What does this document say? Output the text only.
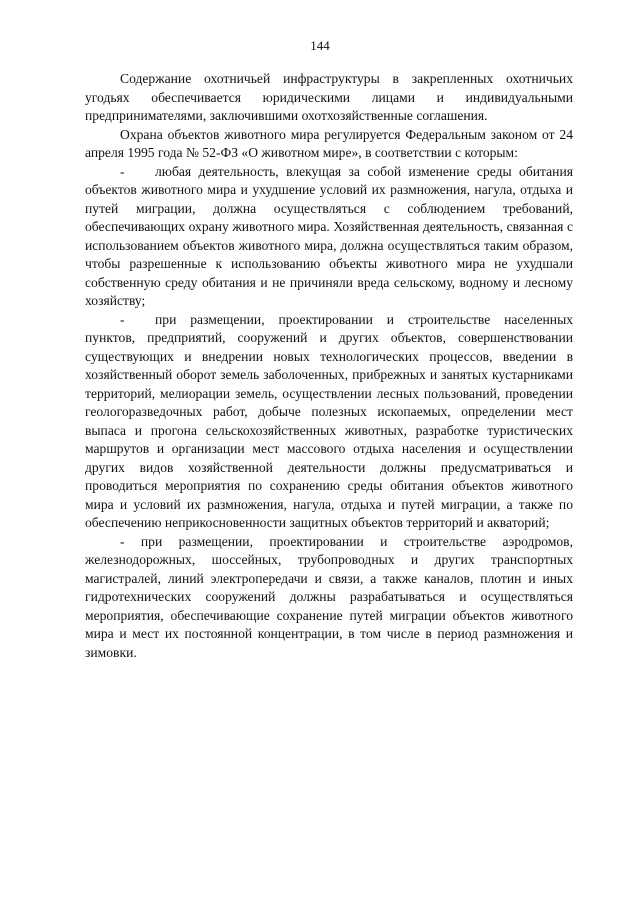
144

Содержание охотничьей инфраструктуры в закрепленных охотничьих угодьях обеспечивается юридическими лицами и индивидуальными предпринимателями, заключившими охотхозяйственные соглашения.

Охрана объектов животного мира регулируется Федеральным законом от 24 апреля 1995 года № 52-ФЗ «О животном мире», в соответствии с которым:

- любая деятельность, влекущая за собой изменение среды обитания объектов животного мира и ухудшение условий их размножения, нагула, отдыха и путей миграции, должна осуществляться с соблюдением требований, обеспечивающих охрану животного мира. Хозяйственная деятельность, связанная с использованием объектов животного мира, должна осуществляться таким образом, чтобы разрешенные к использованию объекты животного мира не ухудшали собственную среду обитания и не причиняли вреда сельскому, водному и лесному хозяйству;

- при размещении, проектировании и строительстве населенных пунктов, предприятий, сооружений и других объектов, совершенствовании существующих и внедрении новых технологических процессов, введении в хозяйственный оборот земель заболоченных, прибрежных и занятых кустарниками территорий, мелиорации земель, осуществлении лесных пользований, проведении геологоразведочных работ, добыче полезных ископаемых, определении мест выпаса и прогона сельскохозяйственных животных, разработке туристических маршрутов и организации мест массового отдыха населения и осуществлении других видов хозяйственной деятельности должны предусматриваться и проводиться мероприятия по сохранению среды обитания объектов животного мира и условий их размножения, нагула, отдыха и путей миграции, а также по обеспечению неприкосновенности защитных объектов территорий и акваторий;

- при размещении, проектировании и строительстве аэродромов, железнодорожных, шоссейных, трубопроводных и других транспортных магистралей, линий электропередачи и связи, а также каналов, плотин и иных гидротехнических сооружений должны разрабатываться и осуществляться мероприятия, обеспечивающие сохранение путей миграции объектов животного мира и мест их постоянной концентрации, в том числе в период размножения и зимовки.
